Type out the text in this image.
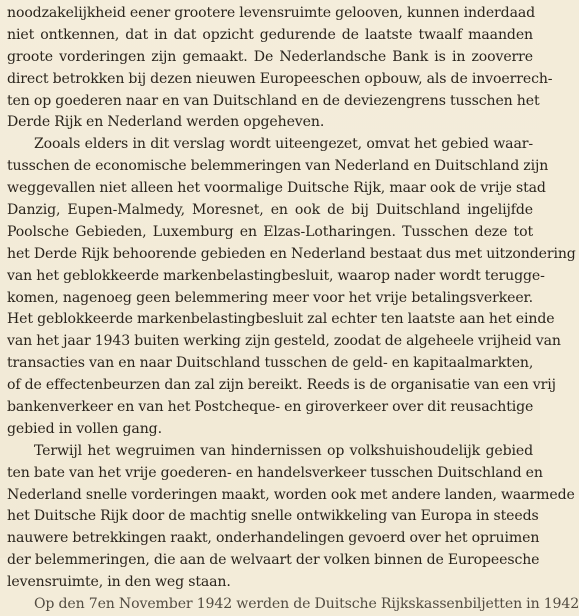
noodzakelijkheid eener grootere levensruimte gelooven, kunnen inderdaad
niet ontkennen, dat in dat opzicht gedurende de laatste twaalf maanden
groote vorderingen zijn gemaakt. De Nederlandsche Bank is in zooverre
direct betrokken bij dezen nieuwen Europeeschen opbouw, als de invoerrech-
ten op goederen naar en van Duitschland en de deviezengrens tusschen het
Derde Rijk en Nederland werden opgeheven.
Zooals elders in dit verslag wordt uiteengezet, omvat het gebied waar-
tusschen de economische belemmeringen van Nederland en Duitschland zijn
weggevallen niet alleen het voormalige Duitsche Rijk, maar ook de vrije stad
Danzig, Eupen-Malmedy, Moresnet, en ook de bij Duitschland ingelijfde
Poolsche Gebieden, Luxemburg en Elzas-Lotharingen. Tusschen deze tot
het Derde Rijk behoorende gebieden en Nederland bestaat dus met uitzondering
van het geblokkeerde markenbelastingbesluit, waarop nader wordt terugge-
komen, nagenoeg geen belemmering meer voor het vrije betalingsverkeer.
Het geblokkeerde markenbelastingbesluit zal echter ten laatste aan het einde
van het jaar 1943 buiten werking zijn gesteld, zoodat de algeheele vrijheid van
transacties van en naar Duitschland tusschen de geld- en kapitaalmarkten,
of de effectenbeurzen dan zal zijn bereikt. Reeds is de organisatie van een vrij
bankenverkeer en van het Postcheque- en giroverkeer over dit reusachtige
gebied in vollen gang.
Terwijl het wegruimen van hindernissen op volkshuishoudelijk gebied
ten bate van het vrije goederen- en handelsverkeer tusschen Duitschland en
Nederland snelle vorderingen maakt, worden ook met andere landen, waarmede
het Duitsche Rijk door de machtig snelle ontwikkeling van Europa in steeds
nauwere betrekkingen raakt, onderhandelingen gevoerd over het opruimen
der belemmeringen, die aan de welvaart der volken binnen de Europeesche
levensruimte, in den weg staan.
Op den 7en November 1942 werden de Duitsche Rijkskassenbiljetten in 1942
